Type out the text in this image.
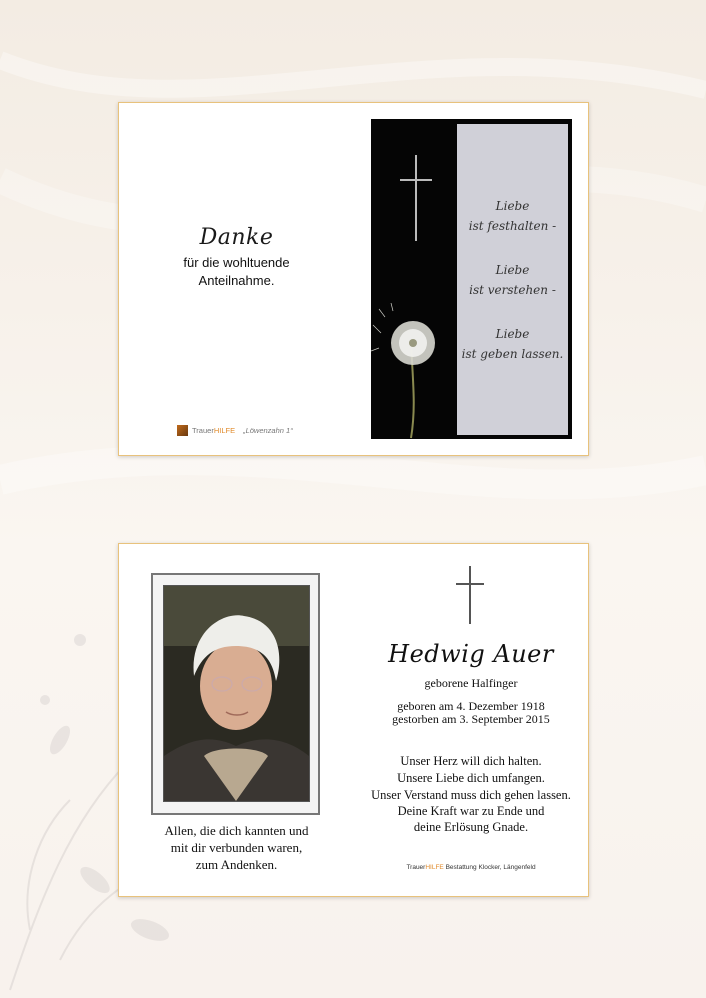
Danke
für die wohltuende
Anteilnahme.
TrauerHILFE „Löwenzahn 1“
Liebe
ist festhalten -
Liebe
ist verstehen -
Liebe
ist geben lassen.
Allen, die dich kannten und
mit dir verbunden waren,
zum Andenken.
Hedwig Auer
geborene Halfinger
geboren am 4. Dezember 1918
gestorben am 3. September 2015
Unser Herz will dich halten.
Unsere Liebe dich umfangen.
Unser Verstand muss dich gehen lassen.
Deine Kraft war zu Ende und
deine Erlösung Gnade.
TrauerHILFE Bestattung Klocker, Längenfeld
